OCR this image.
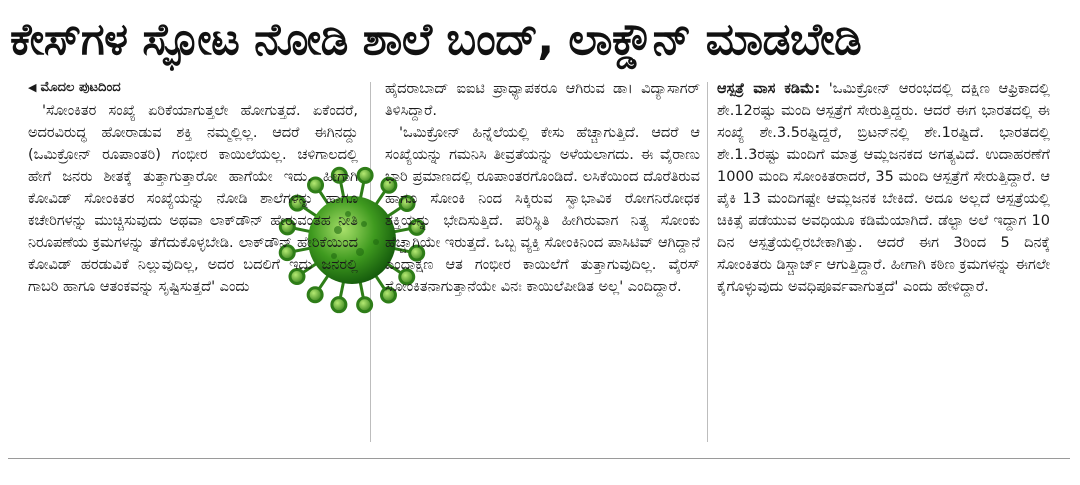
ಕೇಸ್‌ಗಳ ಸ್ಫೋಟ ನೋಡಿ ಶಾಲೆ ಬಂದ್, ಲಾಕ್ಡೌನ್ ಮಾಡಬೇಡಿ

◀ ಮೊದಲ ಪುಟದಿಂದ

'ಸೋಂಕಿತರ ಸಂಖ್ಯೆ ಏರಿಕೆಯಾಗುತ್ತಲೇ ಹೋಗುತ್ತದೆ. ಏಕೆಂದರೆ, ಅದರವಿರುದ್ಧ ಹೋರಾಡುವ ಶಕ್ತಿ ನಮ್ಮಲ್ಲಿಲ್ಲ. ಆದರೆ ಈಗಿನದ್ದು (ಒಮಿಕ್ರೋನ್ ರೂಪಾಂತರಿ) ಗಂಭೀರ ಕಾಯಿಲೆಯಲ್ಲ. ಚಳಿಗಾಲದಲ್ಲಿ ಹೇಗೆ ಜನರು ಶೀತಕ್ಕೆ ತುತ್ತಾಗುತ್ತಾರೋ ಹಾಗೆಯೇ ಇದು. ಹೀಗಾಗಿ ಕೋವಿಡ್ ಸೋಂಕಿತರ ಸಂಖ್ಯೆಯನ್ನು ನೋಡಿ ಶಾಲೆಗಳನ್ನು ಹಾಗೂ ಕಚೇರಿಗಳನ್ನು ಮುಚ್ಚಿಸುವುದು ಅಥವಾ ಲಾಕ್‌ಡೌನ್ ಹೇರುವಂತಹ ನೀತಿ ನಿರೂಪಣೆಯ ಕ್ರಮಗಳನ್ನು ತೆಗೆದುಕೊಳ್ಳಬೇಡಿ. ಲಾಕ್‌ಡೌನ್ ಹೇರಿಕೆಯಿಂದ ಕೋವಿಡ್ ಹರಡುವಿಕೆ ನಿಲ್ಲುವುದಿಲ್ಲ, ಅದರ ಬದಲಿಗೆ ಇದು ಜನರಲ್ಲಿ ಗಾಬರಿ ಹಾಗೂ ಆತಂಕವನ್ನು ಸೃಷ್ಟಿಸುತ್ತದೆ' ಎಂದು

ಹೈದರಾಬಾದ್ ಐಐಟಿ ಪ್ರಾಧ್ಯಾಪಕರೂ ಆಗಿರುವ ಡಾ। ವಿದ್ಯಾಸಾಗರ್ ತಿಳಿಸಿದ್ದಾರೆ.

'ಒಮಿಕ್ರೋನ್ ಹಿನ್ನೆಲೆಯಲ್ಲಿ ಕೇಸು ಹೆಚ್ಚಾಗುತ್ತಿದೆ. ಆದರೆ ಆ ಸಂಖ್ಯೆಯನ್ನು ಗಮನಿಸಿ ತೀವ್ರತೆಯನ್ನು ಅಳೆಯಲಾಗದು. ಈ ವೈರಾಣು ಭಾರಿ ಪ್ರಮಾಣದಲ್ಲಿ ರೂಪಾಂತರಗೊಂಡಿದೆ. ಲಸಿಕೆಯಿಂದ ದೊರೆತಿರುವ ಹಾಗೂ ಸೋಂಕಿ ನಿಂದ ಸಿಕ್ಕಿರುವ ಸ್ವಾಭಾವಿಕ ರೋಗನಿರೋಧಕ ಶಕ್ತಿಯನ್ನು ಭೇದಿಸುತ್ತಿದೆ. ಪರಿಸ್ಥಿತಿ ಹೀಗಿರುವಾಗ ನಿತ್ಯ ಸೋಂಕು ಹೆಚ್ಚಾಗಿಯೇ ಇರುತ್ತದೆ. ಒಬ್ಬ ವ್ಯಕ್ತಿ ಸೋಂಕಿನಿಂದ ಪಾಸಿಟಿವ್ ಆಗಿದ್ದಾನೆ ಎಂದಾಕ್ಷಣ ಆತ ಗಂಭೀರ ಕಾಯಿಲೆಗೆ ತುತ್ತಾಗುವುದಿಲ್ಲ. ವೈರಸ್ ಸೋಂಕಿತನಾಗುತ್ತಾನೆಯೇ ವಿನಃ ಕಾಯಿಲೆಪೀಡಿತ ಅಲ್ಲ' ಎಂದಿದ್ದಾರೆ.

ಆಸ್ಪತ್ರೆ ವಾಸ ಕಡಿಮೆ: 'ಒಮಿಕ್ರೋನ್ ಆರಂಭದಲ್ಲಿ ದಕ್ಷಿಣ ಆಫ್ರಿಕಾದಲ್ಲಿ ಶೇ.12ರಷ್ಟು ಮಂದಿ ಆಸ್ಪತ್ರೆಗೆ ಸೇರುತ್ತಿದ್ದರು. ಆದರೆ ಈಗ ಭಾರತದಲ್ಲಿ ಈ ಸಂಖ್ಯೆ ಶೇ.3.5ರಷ್ಟಿದ್ದರೆ, ಬ್ರಿಟನ್‌ನಲ್ಲಿ ಶೇ.1ರಷ್ಟಿದೆ. ಭಾರತದಲ್ಲಿ ಶೇ.1.3ರಷ್ಟು ಮಂದಿಗೆ ಮಾತ್ರ ಆಮ್ಲಜನಕದ ಅಗತ್ಯವಿದೆ. ಉದಾಹರಣೆಗೆ 1000 ಮಂದಿ ಸೋಂಕಿತರಾದರೆ, 35 ಮಂದಿ ಆಸ್ಪತ್ರೆಗೆ ಸೇರುತ್ತಿದ್ದಾರೆ. ಆ ಪೈಕಿ 13 ಮಂದಿಗಷ್ಟೇ ಆಮ್ಲಜನಕ ಬೇಕಿದೆ. ಅದೂ ಅಲ್ಲದೆ ಆಸ್ಪತ್ರೆಯಲ್ಲಿ ಚಿಕಿತ್ಸೆ ಪಡೆಯುವ ಅವಧಿಯೂ ಕಡಿಮೆಯಾಗಿದೆ. ಡೆಲ್ಟಾ ಅಲೆ ಇದ್ದಾಗ 10 ದಿನ ಆಸ್ಪತ್ರೆಯಲ್ಲಿರಬೇಕಾಗಿತ್ತು. ಆದರೆ ಈಗ 3ರಿಂದ 5 ದಿನಕ್ಕೆ ಸೋಂಕಿತರು ಡಿಸ್ಚಾರ್ಜ್ ಆಗುತ್ತಿದ್ದಾರೆ. ಹೀಗಾಗಿ ಕಠಿಣ ಕ್ರಮಗಳನ್ನು ಈಗಲೇ ಕೈಗೊಳ್ಳುವುದು ಅವಧಿಪೂರ್ವವಾಗುತ್ತದೆ' ಎಂದು ಹೇಳಿದ್ದಾರೆ.
